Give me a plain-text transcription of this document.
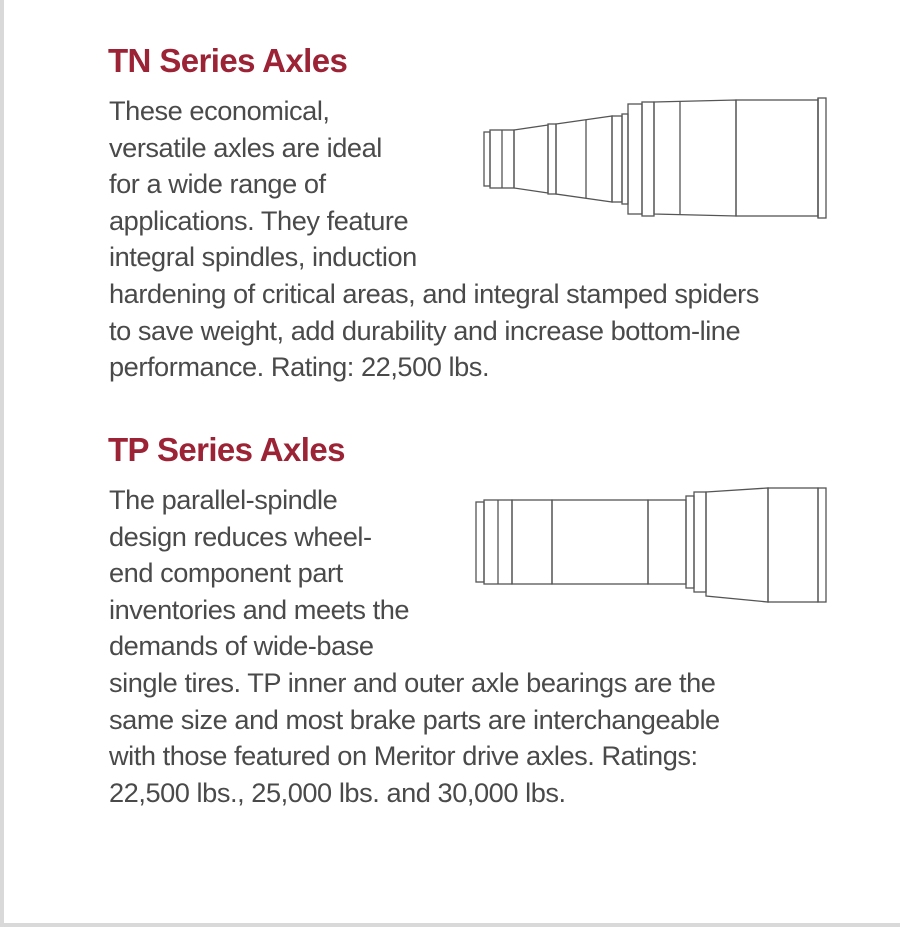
TN Series Axles

These economical,
versatile axles are ideal
for a wide range of
applications. They feature
integral spindles, induction
hardening of critical areas, and integral stamped spiders
to save weight, add durability and increase bottom-line
performance. Rating: 22,500 lbs.

TP Series Axles

The parallel-spindle
design reduces wheel-
end component part
inventories and meets the
demands of wide-base
single tires. TP inner and outer axle bearings are the
same size and most brake parts are interchangeable
with those featured on Meritor drive axles. Ratings:
22,500 lbs., 25,000 lbs. and 30,000 lbs.
